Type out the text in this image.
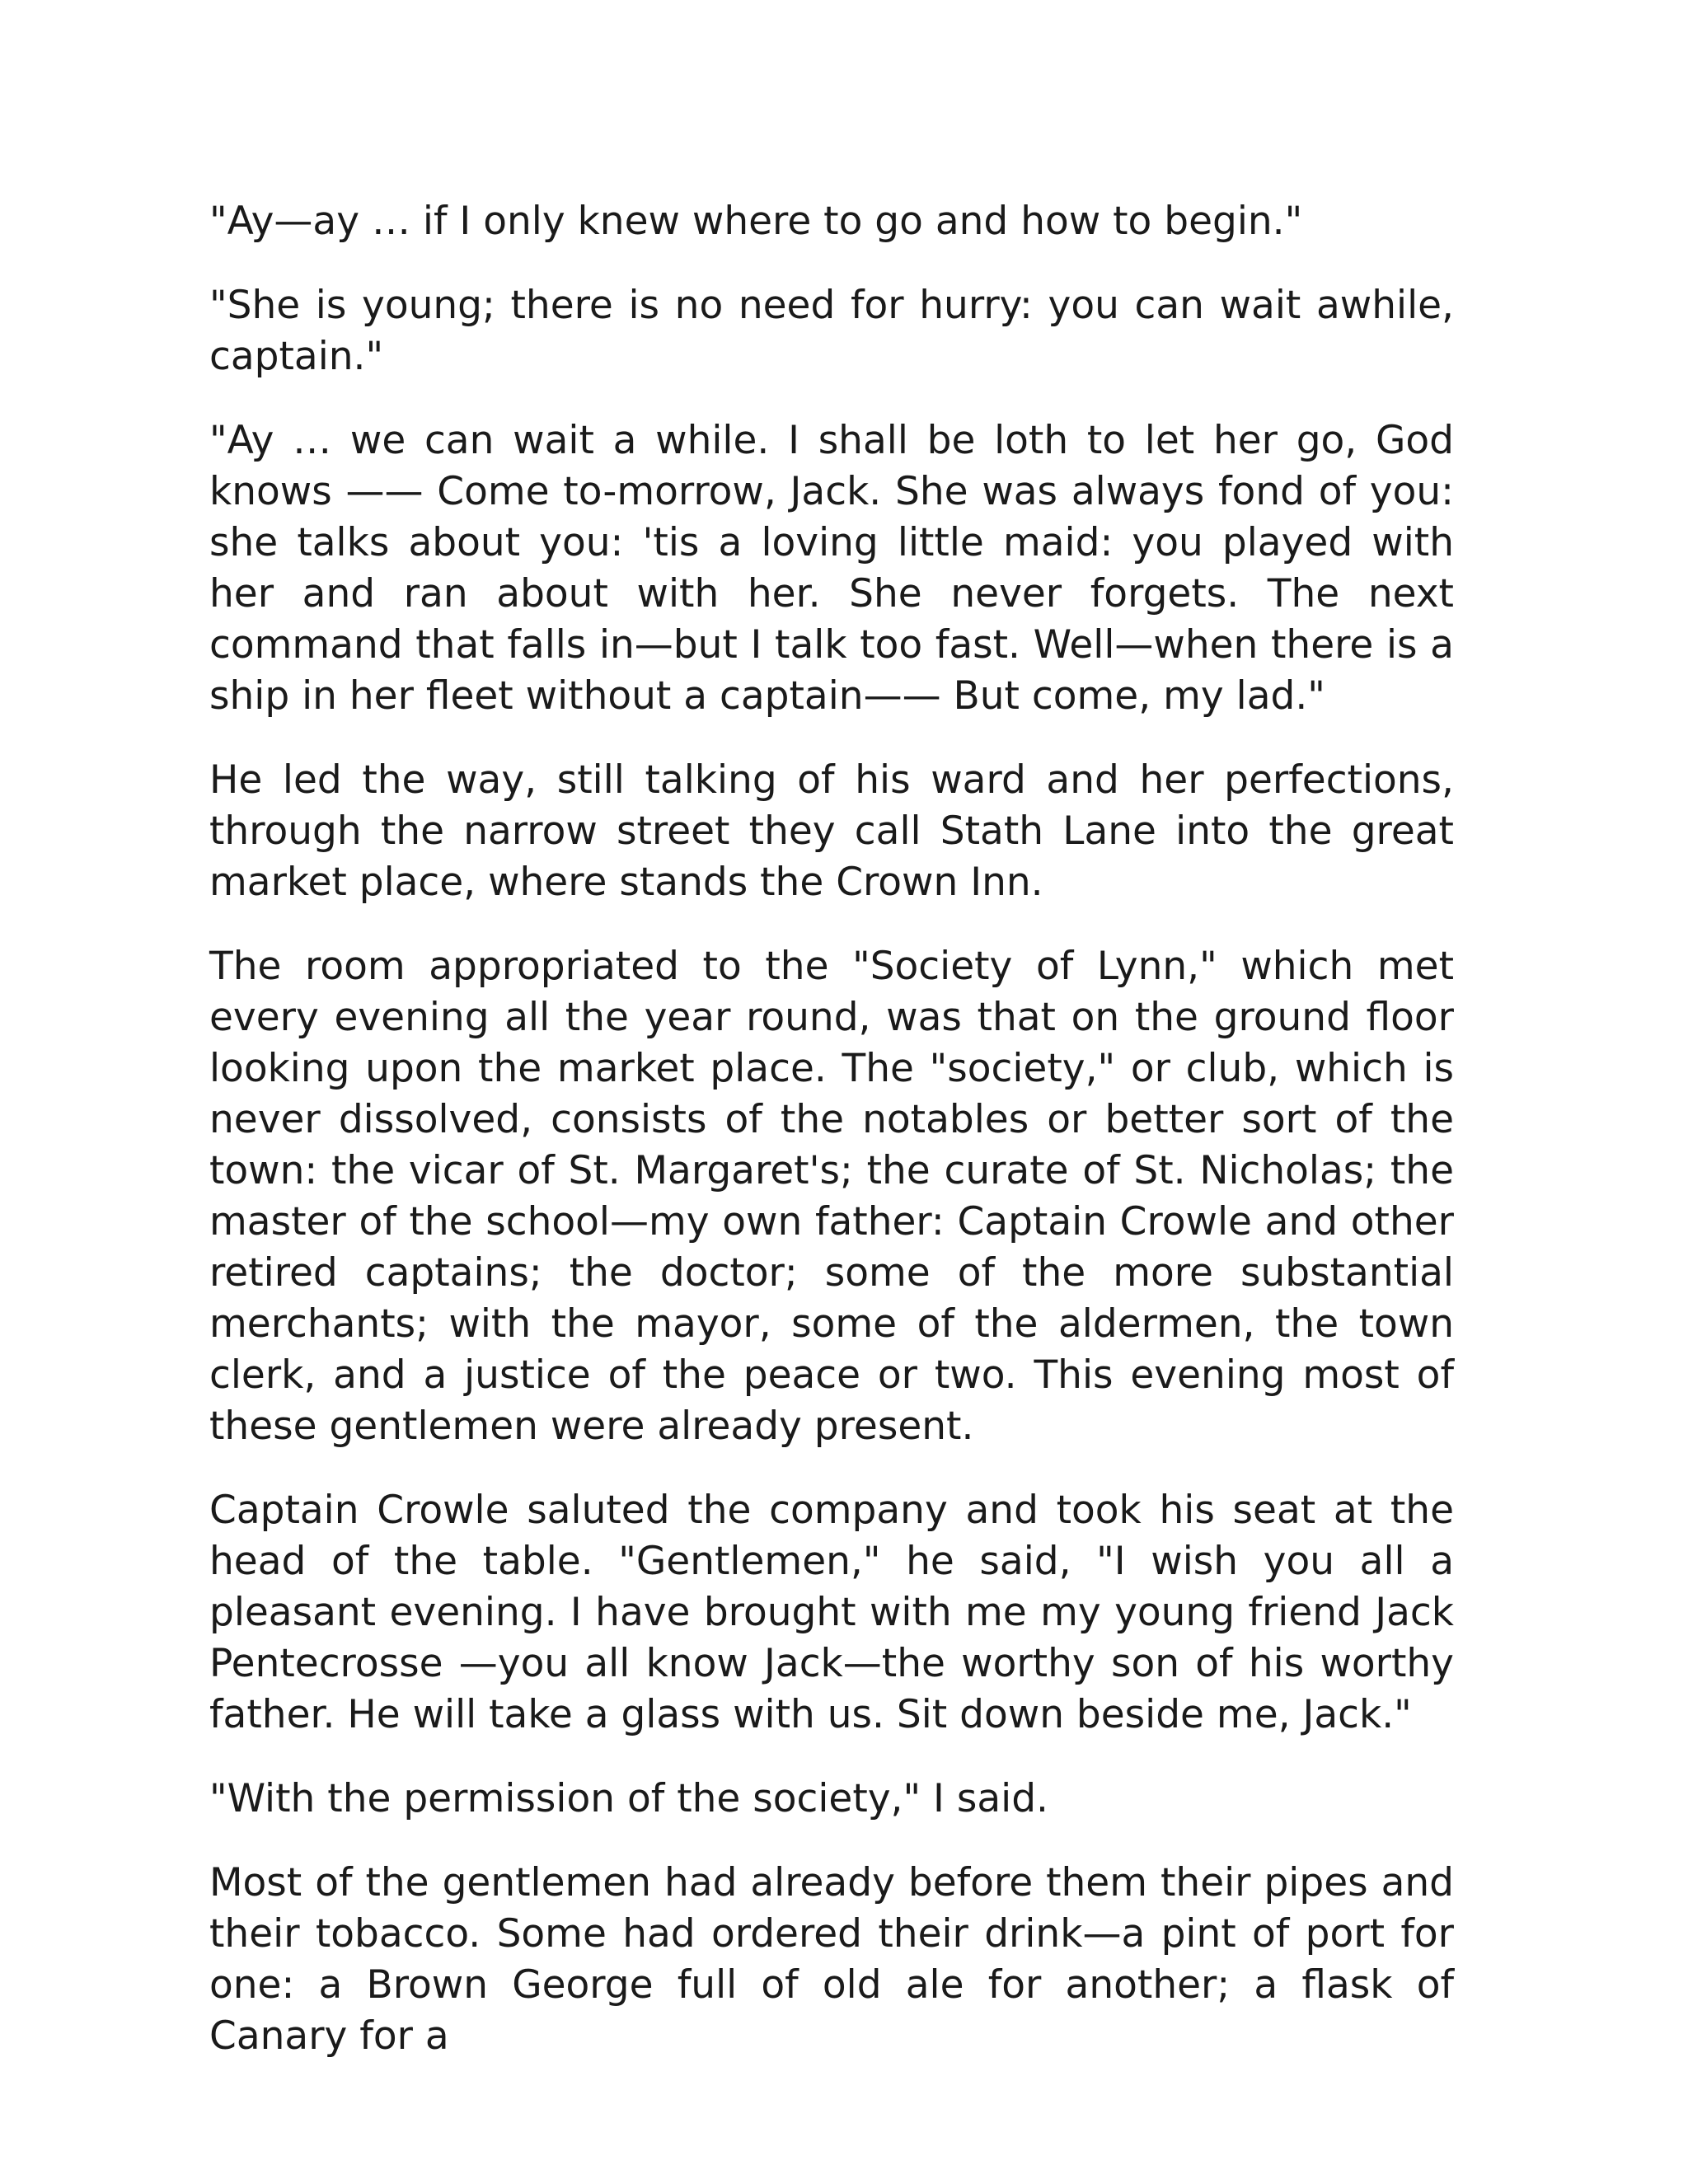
"Ay—ay … if I only knew where to go and how to begin."

"She is young; there is no need for hurry: you can wait awhile, captain."

"Ay … we can wait a while. I shall be loth to let her go, God knows —— Come to-morrow, Jack. She was always fond of you: she talks about you: 'tis a loving little maid: you played with her and ran about with her. She never forgets. The next command that falls in—but I talk too fast. Well—when there is a ship in her fleet without a captain—— But come, my lad."

He led the way, still talking of his ward and her perfections, through the narrow street they call Stath Lane into the great market place, where stands the Crown Inn.

The room appropriated to the "Society of Lynn," which met every evening all the year round, was that on the ground floor looking upon the market place. The "society," or club, which is never dissolved, consists of the notables or better sort of the town: the vicar of St. Margaret's; the curate of St. Nicholas; the master of the school—my own father: Captain Crowle and other retired captains; the doctor; some of the more substantial merchants; with the mayor, some of the aldermen, the town clerk, and a justice of the peace or two. This evening most of these gentlemen were already present.

Captain Crowle saluted the company and took his seat at the head of the table. "Gentlemen," he said, "I wish you all a pleasant evening. I have brought with me my young friend Jack Pentecrosse —you all know Jack—the worthy son of his worthy father. He will take a glass with us. Sit down beside me, Jack."

"With the permission of the society," I said.

Most of the gentlemen had already before them their pipes and their tobacco. Some had ordered their drink—a pint of port for one: a Brown George full of old ale for another; a flask of Canary for a
